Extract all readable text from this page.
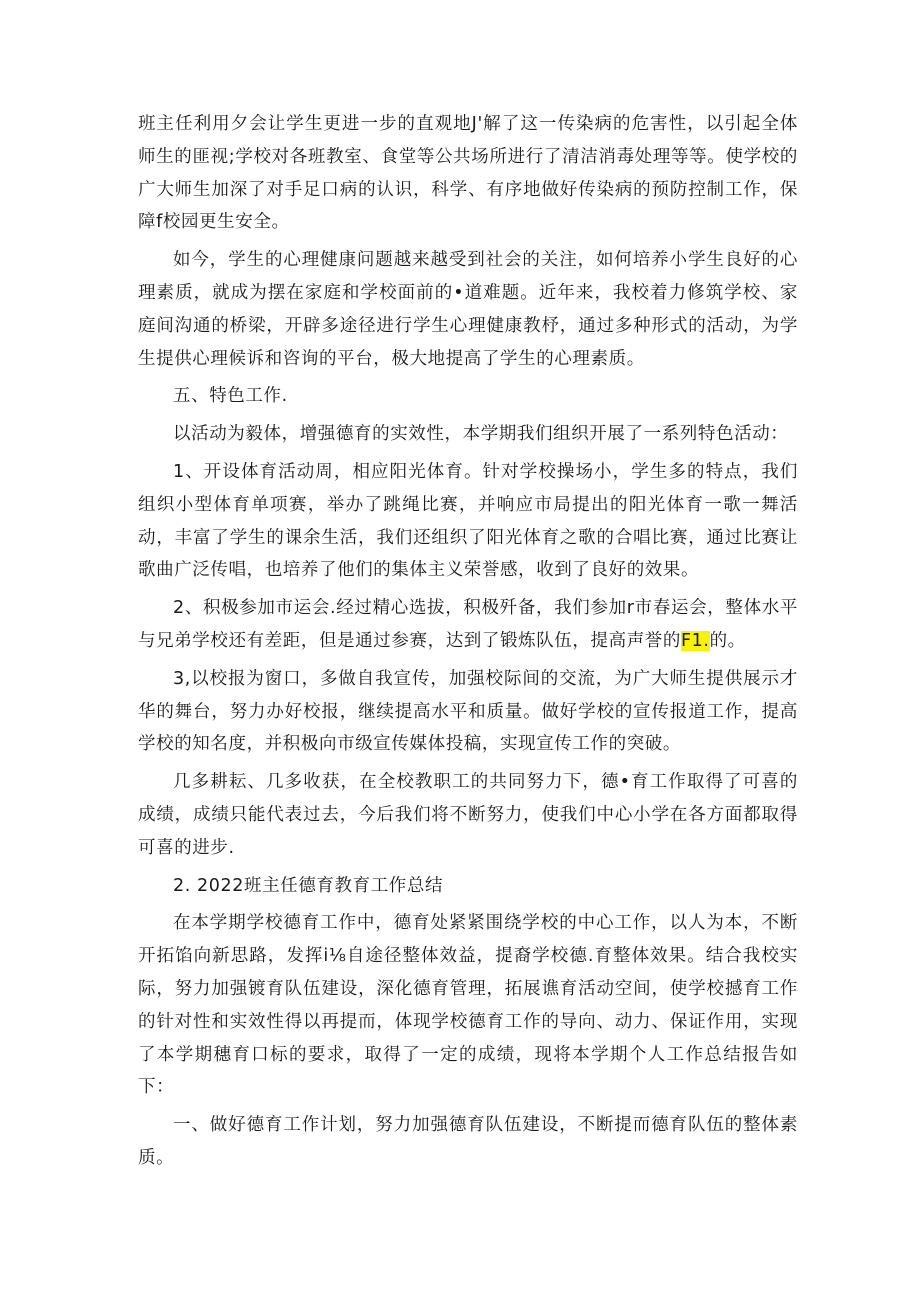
班主任利用夕会让学生更进一步的直观地J'解了这一传染病的危害性，以引起全体师生的匪视;学校对各班教室、食堂等公共场所进行了清洁消毒处理等等。使学校的广大师生加深了对手足口病的认识，科学、有序地做好传染病的预防控制工作，保障f校园更生安全。

如今，学生的心理健康问题越来越受到社会的关注，如何培养小学生良好的心理素质，就成为摆在家庭和学校面前的•道难题。近年来，我校着力修筑学校、家庭间沟通的桥梁，开辟多途径进行学生心理健康教杼，通过多种形式的活动，为学生提供心理候诉和咨询的平台，极大地提高了学生的心理素质。

五、特色工作.

以活动为毅体，增强德育的实效性，本学期我们组织开展了一系列特色活动：

1、开设体育活动周，相应阳光体育。针对学校操场小，学生多的特点，我们组织小型体育单项赛，举办了跳绳比赛，并响应市局提出的阳光体育一歌一舞活动，丰富了学生的课余生活，我们还组织了阳光体育之歌的合唱比赛，通过比赛让歌曲广泛传唱，也培养了他们的集体主义荣誉感，收到了良好的效果。

2、积极参加市运会.经过精心选拔，积极歼备，我们参加r市春运会，整体水平与兄弟学校还有差距，但是通过参赛，达到了锻炼队伍，提高声誉的F1.的。

3,以校报为窗口，多做自我宣传，加强校际间的交流，为广大师生提供展示才华的舞台，努力办好校报，继续提高水平和质量。做好学校的宣传报道工作，提高学校的知名度，并积极向市级宣传媒体投稿，实现宣传工作的突破。

几多耕耘、几多收获，在全校教职工的共同努力下，德•育工作取得了可喜的成绩，成绩只能代表过去，今后我们将不断努力，使我们中心小学在各方面都取得可喜的进步.

2. 2022班主任德育教育工作总结

在本学期学校德育工作中，德育处紧紧围绕学校的中心工作，以人为本，不断开拓馅向新思路，发挥i⅛自途径整体效益，提裔学校德.育整体效果。结合我校实际，努力加强镀育队伍建设，深化德育管理，拓展谯育活动空间，使学校撼育工作的针对性和实效性得以再提而，体现学校德育工作的导向、动力、保证作用，实现了本学期穗育口标的要求，取得了一定的成绩，现将本学期个人工作总结报告如下：

一、做好德育工作计划，努力加强德育队伍建设，不断提而德育队伍的整体素质。
